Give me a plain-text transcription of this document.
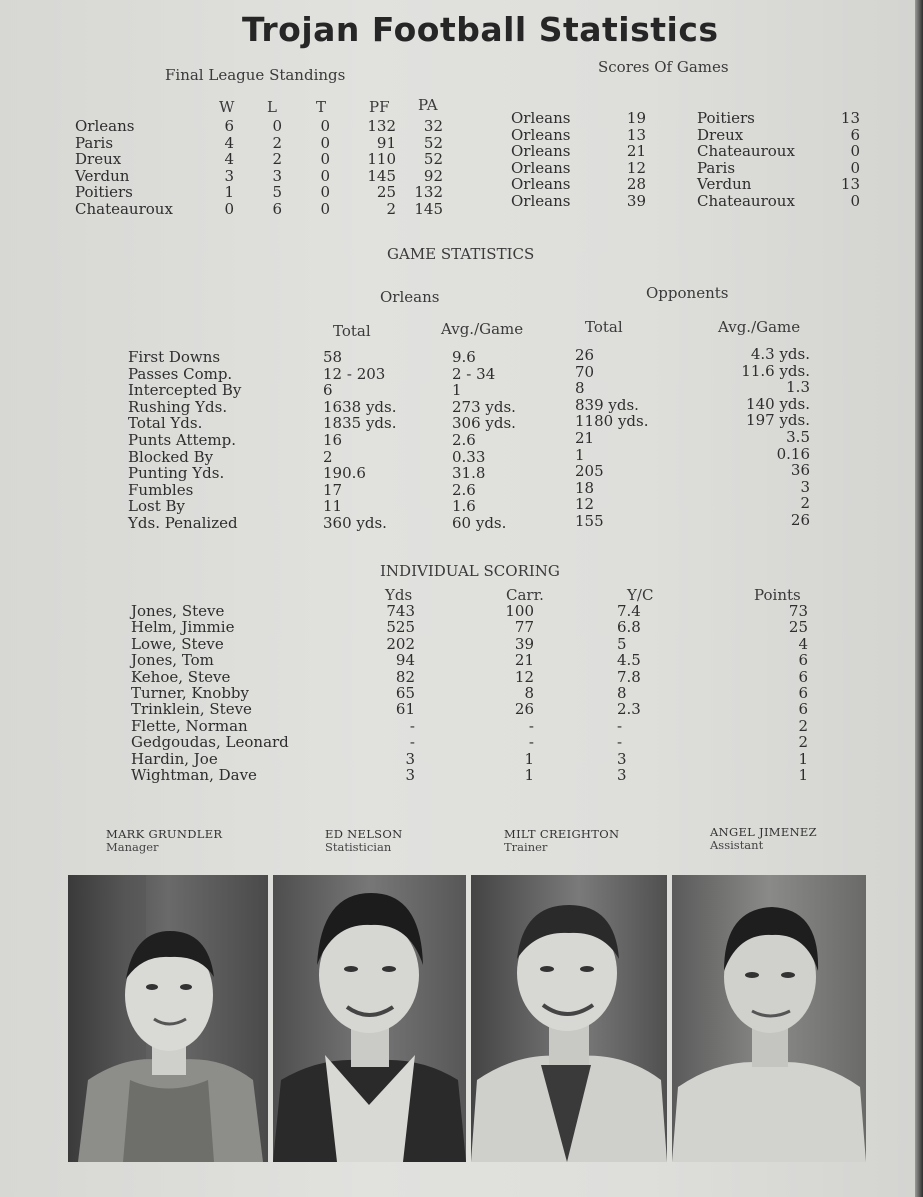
Trojan Football Statistics
Final League Standings
W L	T	PF PA
Orleans	6	0	0	132	32
Paris	4	2	0	91	52
Dreux	4	2	0	110	52
Verdun	3	3	0	145	92
Poitiers	1	5	0	25	132
Chateauroux	0	6	0	2	145
Scores Of Games
Orleans	19	Poitiers	13
Orleans	13	Dreux	6
Orleans	21	Chateauroux	0
Orleans	12	Paris	0
Orleans	28	Verdun	13
Orleans	39	Chateauroux	0
GAME STATISTICS
Orleans	Opponents
Total	Avg./Game	Total	Avg./Game
First Downs	58	9.6	26	4.3 yds.
Passes Comp.	12 - 203	2 - 34	70	11.6 yds.
Intercepted By	6	1	8	1.3
Rushing Yds.	1638 yds.	273 yds.	839 yds.	140 yds.
Total Yds.	1835 yds.	306 yds.	1180 yds.	197 yds.
Punts Attemp.	16	2.6	21	3.5
Blocked By	2	0.33	1	0.16
Punting Yds.	190.6	31.8	205	36
Fumbles	17	2.6	18	3
Lost By	11	1.6	12	2
Yds. Penalized	360 yds.	60 yds.	155	26
INDIVIDUAL SCORING
Yds	Carr.	Y/C	Points
Jones, Steve	743	100	7.4	73
Helm, Jimmie	525	77	6.8	25
Lowe, Steve	202	39	5	4
Jones, Tom	94	21	4.5	6
Kehoe, Steve	82	12	7.8	6
Turner, Knobby	65	8	8	6
Trinklein, Steve	61	26	2.3	6
Flette, Norman	-	-	-	2
Gedgoudas, Leonard	-	-	-	2
Hardin, Joe	3	1	3	1
Wightman, Dave	3	1	3	1
MARK GRUNDLER
Manager
ED NELSON
Statistician
MILT CREIGHTON
Trainer
ANGEL JIMENEZ
Assistant
